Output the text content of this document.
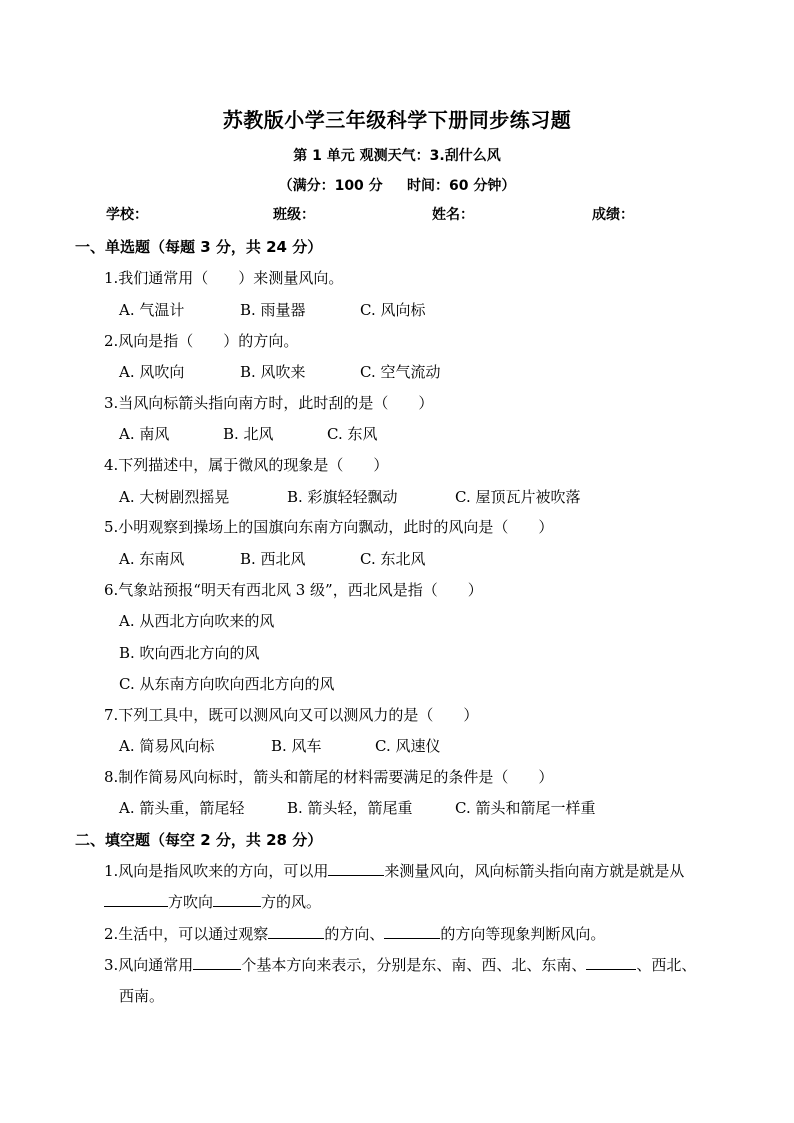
苏教版小学三年级科学下册同步练习题
第 1 单元 观测天气：3.刮什么风
（满分：100 分     时间：60 分钟）
学校：	班级：	姓名：	成绩：
一、单选题（每题 3 分，共 24 分）
1.我们通常用（　　）来测量风向。
A. 气温计	B. 雨量器	C. 风向标
2.风向是指（　　）的方向。
A. 风吹向	B. 风吹来	C. 空气流动
3.当风向标箭头指向南方时，此时刮的是（　　）
A. 南风	B. 北风	C. 东风
4.下列描述中，属于微风的现象是（　　）
A. 大树剧烈摇晃	B. 彩旗轻轻飘动	C. 屋顶瓦片被吹落
5.小明观察到操场上的国旗向东南方向飘动，此时的风向是（　　）
A. 东南风	B. 西北风	C. 东北风
6.气象站预报“明天有西北风 3 级”，西北风是指（　　）
A. 从西北方向吹来的风
B. 吹向西北方向的风
C. 从东南方向吹向西北方向的风
7.下列工具中，既可以测风向又可以测风力的是（　　）
A. 简易风向标	B. 风车	C. 风速仪
8.制作简易风向标时，箭头和箭尾的材料需要满足的条件是（　　）
A. 箭头重，箭尾轻	B. 箭头轻，箭尾重	C. 箭头和箭尾一样重
二、填空题（每空 2 分，共 28 分）
1.风向是指风吹来的方向，可以用	来测量风向，风向标箭头指向南方就是就是从
方吹向	方的风。
2.生活中，可以通过观察	的方向、	的方向等现象判断风向。
3.风向通常用	个基本方向来表示，分别是东、南、西、北、东南、	、西北、
西南。
